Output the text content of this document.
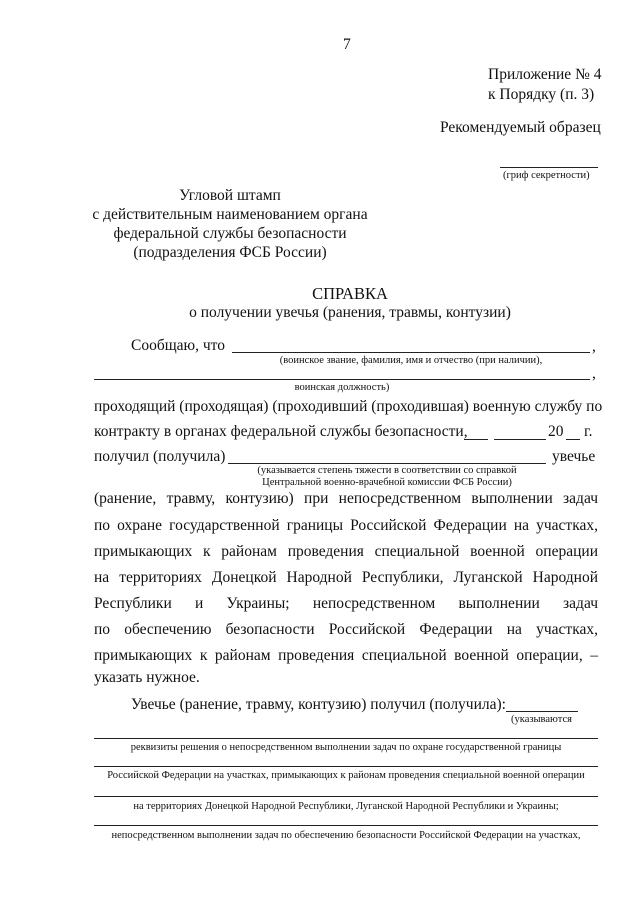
7
Приложение № 4
к Порядку (п. 3)
Рекомендуемый образец
(гриф секретности)
Угловой штамп
с действительным наименованием органа
федеральной службы безопасности
(подразделения ФСБ России)
СПРАВКА
о получении увечья (ранения, травмы, контузии)
Сообщаю, что	,
(воинское звание, фамилия, имя и отчество (при наличии),
,
воинская должность)
проходящий (проходящая) (проходивший (проходившая) военную службу по
контракту в органах федеральной службы безопасности,	20 г.
получил (получила)	увечье
(указывается степень тяжести в соответствии со справкой
Центральной военно-врачебной комиссии ФСБ России)
(ранение, травму, контузию) при непосредственном выполнении задач
по охране государственной границы Российской Федерации на участках,
примыкающих к районам проведения специальной военной операции
на территориях Донецкой Народной Республики, Луганской Народной
Республики и Украины; непосредственном выполнении задач
по обеспечению безопасности Российской Федерации на участках,
примыкающих к районам проведения специальной военной операции, –
указать нужное.
Увечье (ранение, травму, контузию) получил (получила):
(указываются
реквизиты решения о непосредственном выполнении задач по охране государственной границы
Российской Федерации на участках, примыкающих к районам проведения специальной военной операции
на территориях Донецкой Народной Республики, Луганской Народной Республики и Украины;
непосредственном выполнении задач по обеспечению безопасности Российской Федерации на участках,
